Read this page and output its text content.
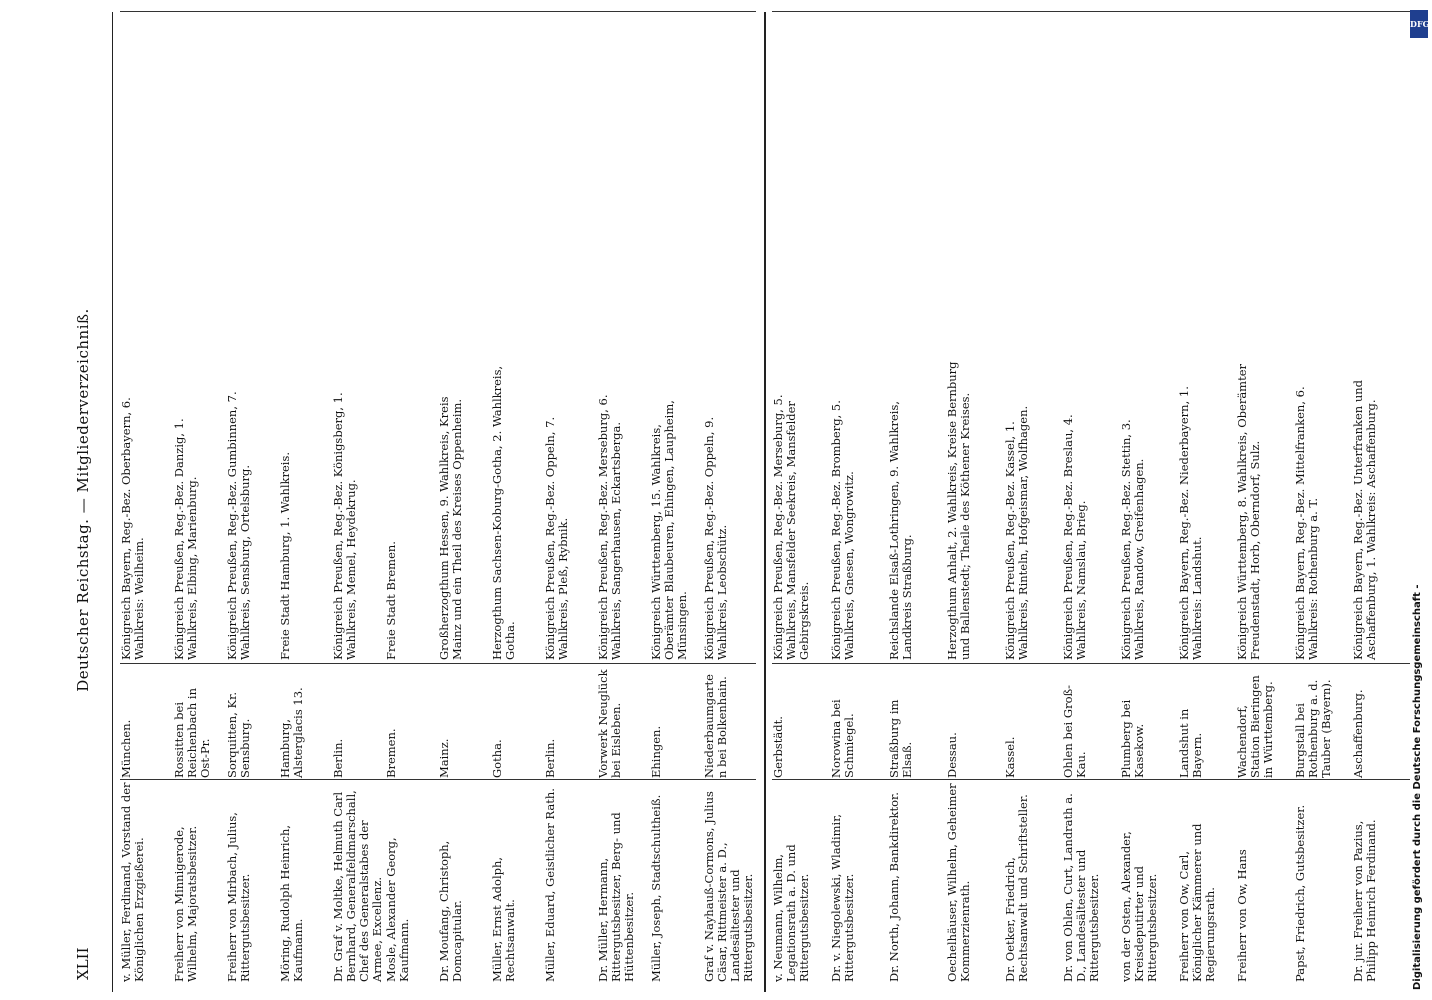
XLII
Deutscher Reichstag. — Mitgliederverzeichniß.
v. Müller, Ferdinand, Vorstand der Königlichen Erzgießerei.
München.
Königreich Bayern, Reg.-Bez. Oberbayern, 6. Wahlkreis: Weilheim.
Freiherr von Minnigerode, Wilhelm, Majoratsbesitzer.
Rossitten bei Reichenbach in Ost-Pr.
Königreich Preußen, Reg.-Bez. Danzig, 1. Wahlkreis, Elbing, Marienburg.
Freiherr von Mirbach, Julius, Rittergutsbesitzer.
Sorquitten, Kr. Sensburg.
Königreich Preußen, Reg.-Bez. Gumbinnen, 7. Wahlkreis, Sensburg, Ortelsburg.
Möring, Rudolph Heinrich, Kaufmann.
Hamburg, Alsterglacis 13.
Freie Stadt Hamburg, 1. Wahlkreis.
Dr. Graf v. Moltke, Helmuth Carl Bernhard, Generalfeldmarschall, Chef des Generalstabes der Armee, Excellenz.
Berlin.
Königreich Preußen, Reg.-Bez. Königsberg, 1. Wahlkreis, Memel, Heydekrug.
Mosle, Alexander Georg, Kaufmann.
Bremen.
Freie Stadt Bremen.
Dr. Moufang, Christoph, Domcapitular.
Mainz.
Großherzogthum Hessen, 9. Wahlkreis, Kreis Mainz und ein Theil des Kreises Oppenheim.
Müller, Ernst Adolph, Rechtsanwalt.
Gotha.
Herzogthum Sachsen-Koburg-Gotha, 2. Wahlkreis, Gotha.
Müller, Eduard, Geistlicher Rath.
Berlin.
Königreich Preußen, Reg.-Bez. Oppeln, 7. Wahlkreis, Pleß, Rybnik.
Dr. Müller, Hermann, Rittergutsbesitzer, Berg- und Hüttenbesitzer.
Vorwerk Neuglück bei Eisleben.
Königreich Preußen, Reg.-Bez. Merseburg, 6. Wahlkreis, Sangerhausen, Eckartsberga.
Müller, Joseph, Stadtschultheiß.
Ehingen.
Königreich Württemberg, 15. Wahlkreis, Oberämter Blaubeuren, Ehingen, Laupheim, Münsingen.
Graf v. Nayhauß-Cormons, Julius Cäsar, Rittmeister a. D., Landesältester und Rittergutsbesitzer.
Niederbaumgarten bei Bolkenhain.
Königreich Preußen, Reg.-Bez. Oppeln, 9. Wahlkreis, Leobschütz.
v. Neumann, Wilhelm, Legationsrath a. D. und Rittergutsbesitzer.
Gerbstädt.
Königreich Preußen, Reg.-Bez. Merseburg, 5. Wahlkreis, Mansfelder Seekreis, Mansfelder Gebirgskreis.
Dr. v. Niegolewski, Wladimir, Rittergutsbesitzer.
Norowina bei Schmiegel.
Königreich Preußen, Reg.-Bez. Bromberg, 5. Wahlkreis, Gnesen, Wongrowitz.
Dr. North, Johann, Bankdirektor.
Straßburg im Elsaß.
Reichslande Elsaß-Lothringen, 9. Wahlkreis, Landkreis Straßburg.
Oechelhäuser, Wilhelm, Geheimer Kommerzienrath.
Dessau.
Herzogthum Anhalt, 2. Wahlkreis, Kreise Bernburg und Ballenstedt; Theile des Köthener Kreises.
Dr. Oetker, Friedrich, Rechtsanwalt und Schriftsteller.
Kassel.
Königreich Preußen, Reg.-Bez. Kassel, 1. Wahlkreis, Rinteln, Hofgeismar, Wolfhagen.
Dr. von Ohlen, Curt, Landrath a. D., Landesältester und Rittergutsbesitzer.
Ohlen bei Groß-Kau.
Königreich Preußen, Reg.-Bez. Breslau, 4. Wahlkreis, Namslau, Brieg.
von der Osten, Alexander, Kreisdeputirter und Rittergutsbesitzer.
Plumberg bei Kasekow.
Königreich Preußen, Reg.-Bez. Stettin, 3. Wahlkreis, Randow, Greifenhagen.
Freiherr von Ow, Carl, Königlicher Kämmerer und Regierungsrath.
Landshut in Bayern.
Königreich Bayern, Reg.-Bez. Niederbayern, 1. Wahlkreis: Landshut.
Freiherr von Ow, Hans
Wachendorf, Station Bieringen in Württemberg.
Königreich Württemberg, 8. Wahlkreis, Oberämter Freudenstadt, Horb, Oberndorf, Sulz.
Papst, Friedrich, Gutsbesitzer.
Burgstall bei Rothenburg a. d. Tauber (Bayern).
Königreich Bayern, Reg.-Bez. Mittelfranken, 6. Wahlkreis: Rothenburg a. T.
Dr. jur. Freiherr von Pazius, Philipp Heinrich Ferdinand.
Aschaffenburg.
Königreich Bayern, Reg.-Bez. Unterfranken und Aschaffenburg, 1. Wahlkreis: Aschaffenburg.
Digitalisierung gefördert durch die Deutsche Forschungsgemeinschaft -
DFG
